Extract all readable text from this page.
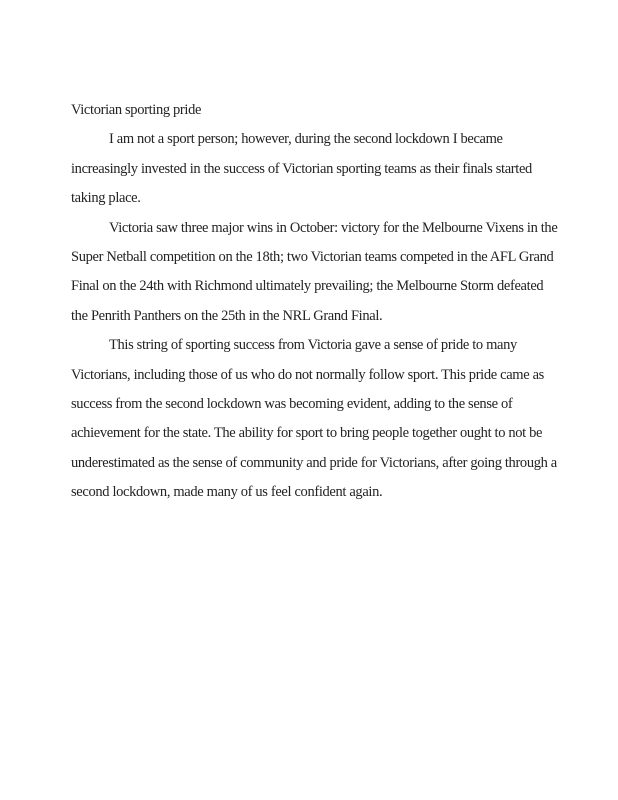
Victorian sporting pride
I am not a sport person; however, during the second lockdown I became
increasingly invested in the success of Victorian sporting teams as their finals started
taking place.
Victoria saw three major wins in October: victory for the Melbourne Vixens in the
Super Netball competition on the 18th; two Victorian teams competed in the AFL Grand
Final on the 24th with Richmond ultimately prevailing; the Melbourne Storm defeated
the Penrith Panthers on the 25th in the NRL Grand Final.
This string of sporting success from Victoria gave a sense of pride to many
Victorians, including those of us who do not normally follow sport. This pride came as
success from the second lockdown was becoming evident, adding to the sense of
achievement for the state. The ability for sport to bring people together ought to not be
underestimated as the sense of community and pride for Victorians, after going through a
second lockdown, made many of us feel confident again.
